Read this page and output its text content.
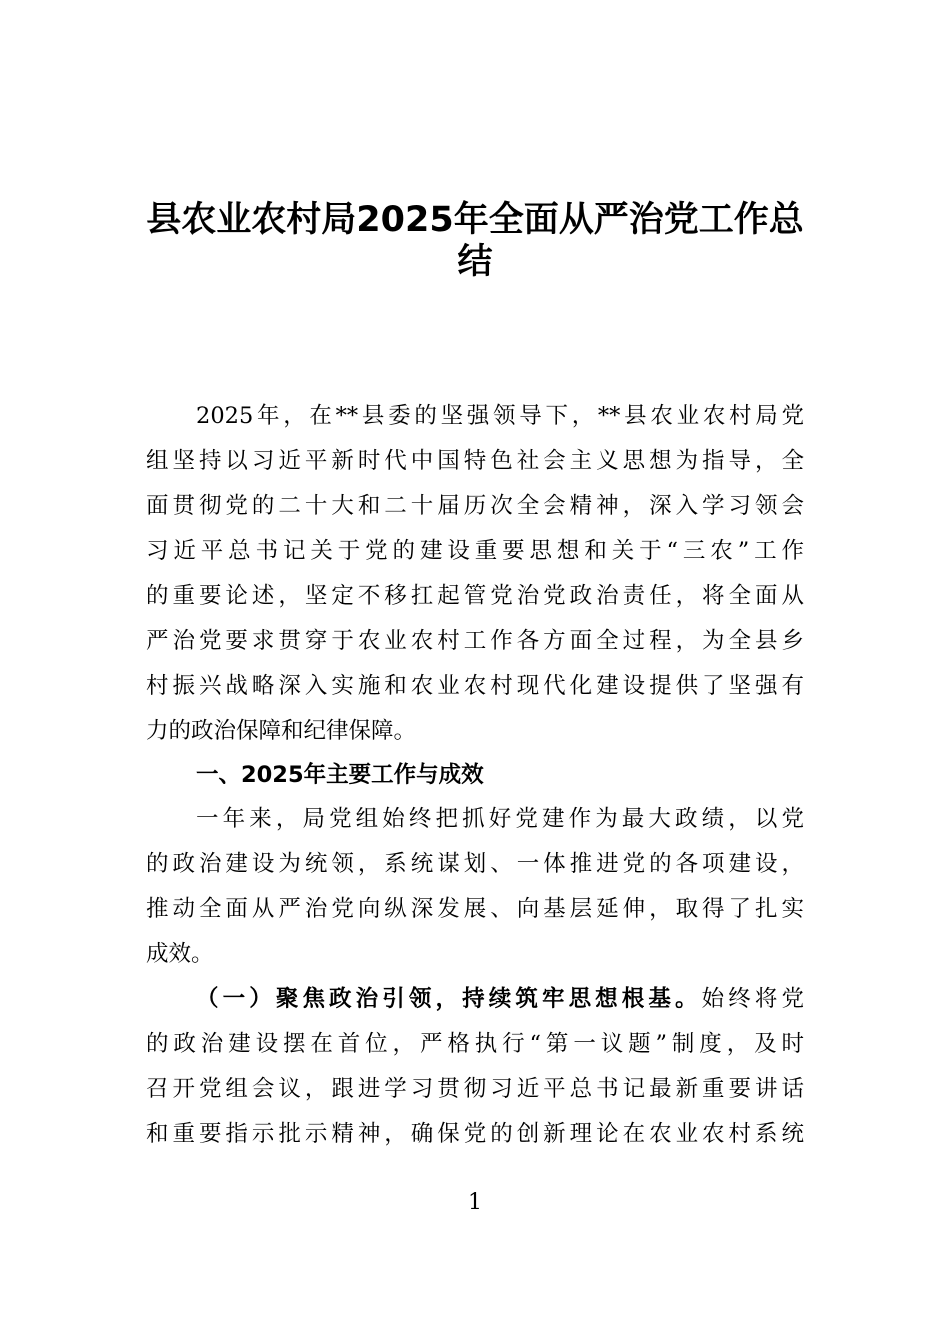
县农业农村局2025年全面从严治党工作总
结
2025年，在**县委的坚强领导下，**县农业农村局党
组坚持以习近平新时代中国特色社会主义思想为指导，全
面贯彻党的二十大和二十届历次全会精神，深入学习领会
习近平总书记关于党的建设重要思想和关于“三农”工作
的重要论述，坚定不移扛起管党治党政治责任，将全面从
严治党要求贯穿于农业农村工作各方面全过程，为全县乡
村振兴战略深入实施和农业农村现代化建设提供了坚强有
力的政治保障和纪律保障。
一、2025年主要工作与成效
一年来，局党组始终把抓好党建作为最大政绩，以党
的政治建设为统领，系统谋划、一体推进党的各项建设，
推动全面从严治党向纵深发展、向基层延伸，取得了扎实
成效。
（一）聚焦政治引领，持续筑牢思想根基。始终将党
的政治建设摆在首位，严格执行“第一议题”制度，及时
召开党组会议，跟进学习贯彻习近平总书记最新重要讲话
和重要指示批示精神，确保党的创新理论在农业农村系统
1
